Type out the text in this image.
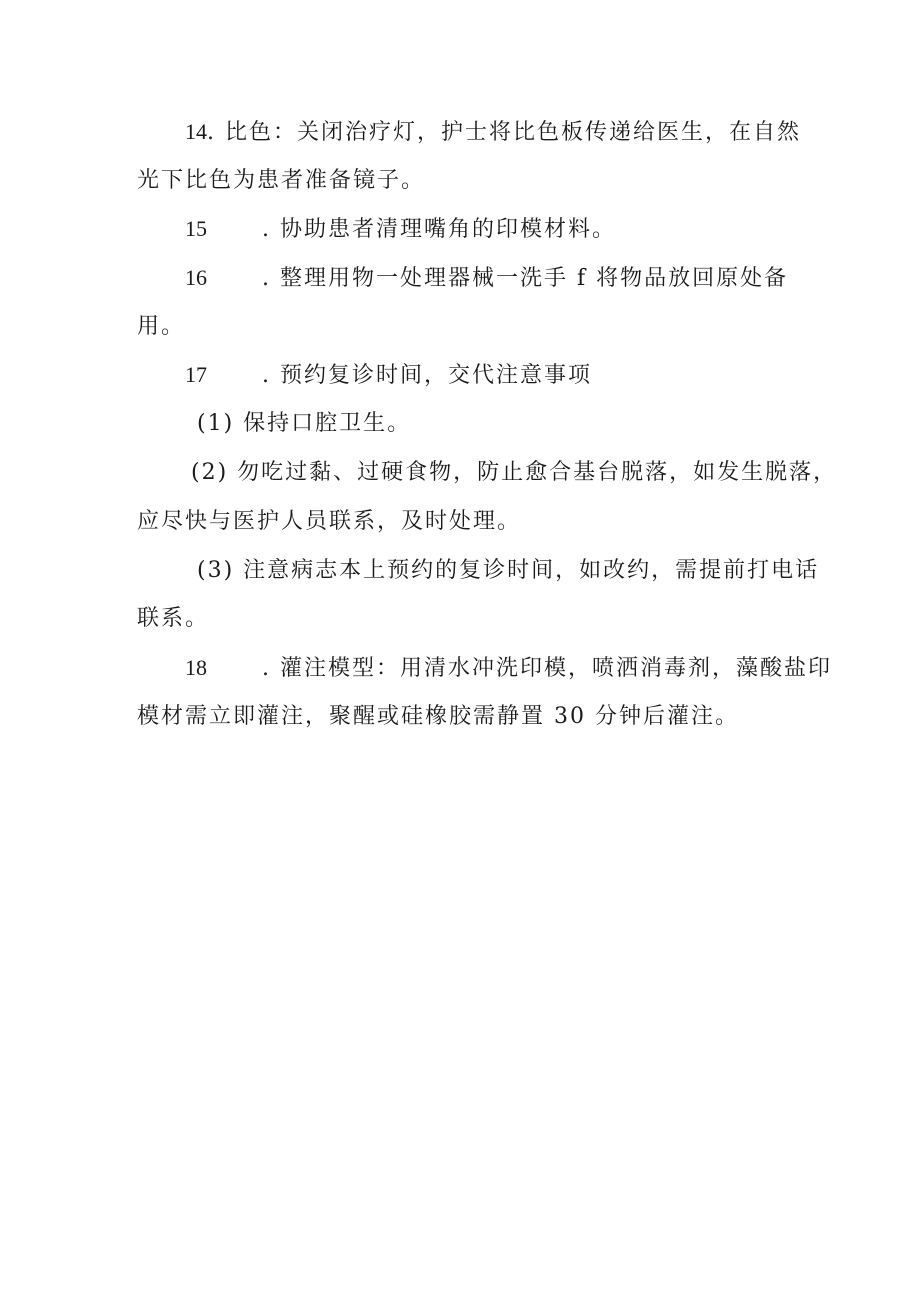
14. 比色：关闭治疗灯，护士将比色板传递给医生，在自然
光下比色为患者准备镜子。
15	. 协助患者清理嘴角的印模材料。
16	. 整理用物一处理器械一洗手 f 将物品放回原处备
用。
17	. 预约复诊时间，交代注意事项
(1) 保持口腔卫生。
(2) 勿吃过黏、过硬食物，防止愈合基台脱落，如发生脱落，
应尽快与医护人员联系，及时处理。
(3) 注意病志本上预约的复诊时间，如改约，需提前打电话
联系。
18	. 灌注模型：用清水冲洗印模，喷洒消毒剂，藻酸盐印
模材需立即灌注，聚醒或硅橡胶需静置 30 分钟后灌注。
